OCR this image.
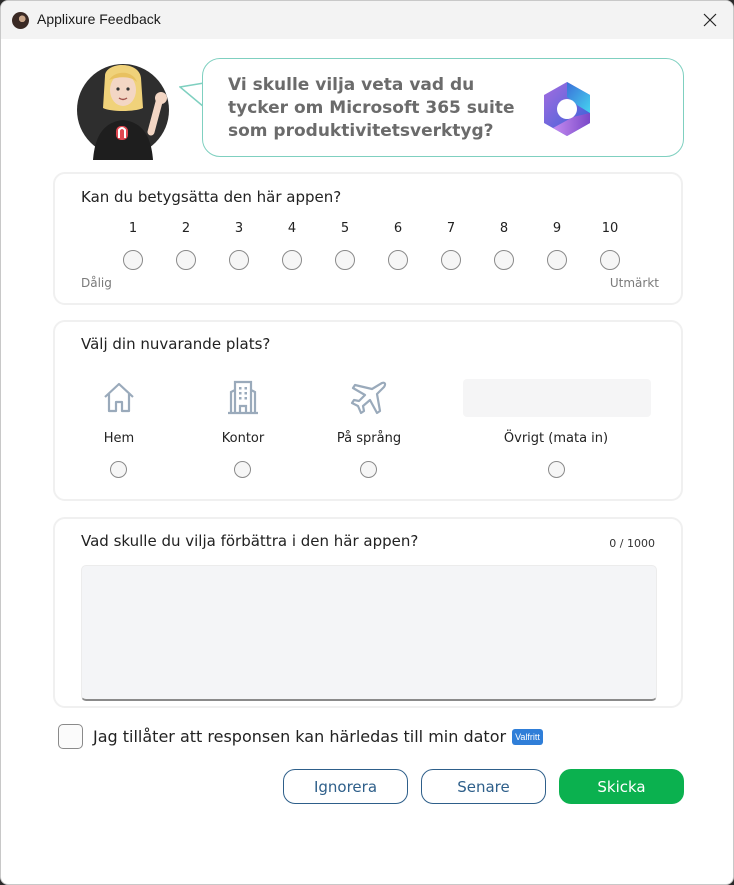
Applixure Feedback
Vi skulle vilja veta vad du tycker om Microsoft 365 suite som produktivitetsverktyg?
Kan du betygsätta den här appen?
1	2	3	4	5	6	7	8	9	10
Dålig	Utmärkt
Välj din nuvarande plats?
Hem	Kontor	På språng	Övrigt (mata in)
Vad skulle du vilja förbättra i den här appen?	0 / 1000
Jag tillåter att responsen kan härledas till min dator	Valfritt
Ignorera	Senare	Skicka
